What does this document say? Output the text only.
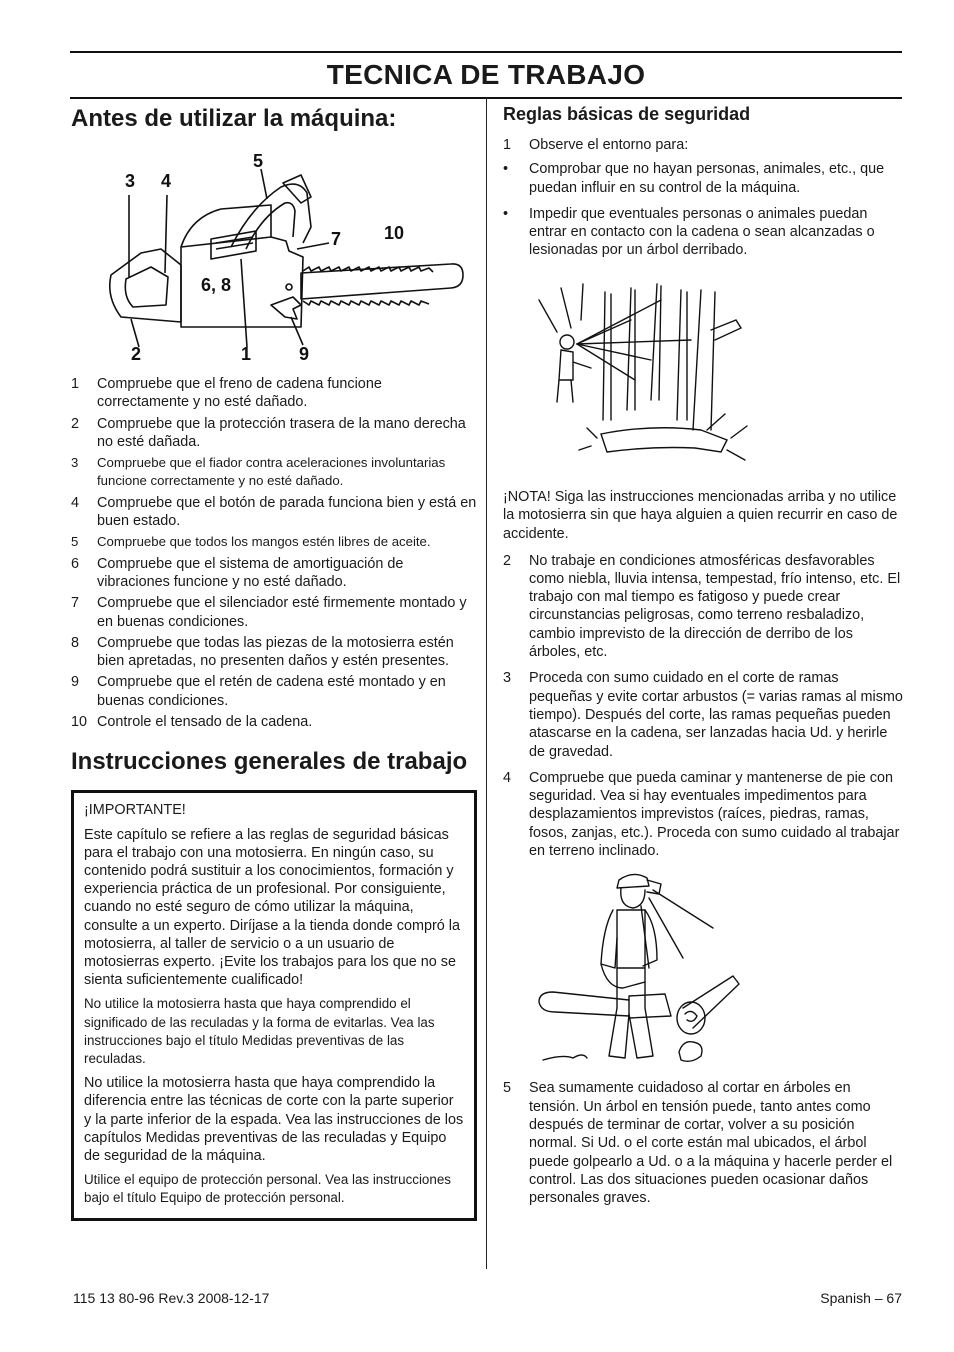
TECNICA DE TRABAJO
Antes de utilizar la máquina:
3 4
5
7 10
6, 8
2	1	9
1 Compruebe que el freno de cadena funcione correctamente y no esté dañado.
2 Compruebe que la protección trasera de la mano derecha no esté dañada.
3 Compruebe que el fiador contra aceleraciones involuntarias funcione correctamente y no esté dañado.
4 Compruebe que el botón de parada funciona bien y está en buen estado.
5 Compruebe que todos los mangos estén libres de aceite.
6 Compruebe que el sistema de amortiguación de vibraciones funcione y no esté dañado.
7 Compruebe que el silenciador esté firmemente montado y en buenas condiciones.
8 Compruebe que todas las piezas de la motosierra estén bien apretadas, no presenten daños y estén presentes.
9 Compruebe que el retén de cadena esté montado y en buenas condiciones.
10 Controle el tensado de la cadena.
Instrucciones generales de trabajo

¡IMPORTANTE!

Este capítulo se refiere a las reglas de seguridad básicas para el trabajo con una motosierra. En ningún caso, su contenido podrá sustituir a los conocimientos, formación y experiencia práctica de un profesional. Por consiguiente, cuando no esté seguro de cómo utilizar la máquina, consulte a un experto. Diríjase a la tienda donde compró la motosierra, al taller de servicio o a un usuario de motosierras experto. ¡Evite los trabajos para los que no se sienta suficientemente cualificado!

No utilice la motosierra hasta que haya comprendido el significado de las reculadas y la forma de evitarlas. Vea las instrucciones bajo el título Medidas preventivas de las reculadas.

No utilice la motosierra hasta que haya comprendido la diferencia entre las técnicas de corte con la parte superior y la parte inferior de la espada. Vea las instrucciones de los capítulos Medidas preventivas de las reculadas y Equipo de seguridad de la máquina.

Utilice el equipo de protección personal. Vea las instrucciones bajo el título Equipo de protección personal.

Reglas básicas de seguridad
1 Observe el entorno para:
• Comprobar que no hayan personas, animales, etc., que puedan influir en su control de la máquina.
• Impedir que eventuales personas o animales puedan entrar en contacto con la cadena o sean alcanzadas o lesionadas por un árbol derribado.

¡NOTA! Siga las instrucciones mencionadas arriba y no utilice la motosierra sin que haya alguien a quien recurrir en caso de accidente.

2 No trabaje en condiciones atmosféricas desfavorables como niebla, lluvia intensa, tempestad, frío intenso, etc. El trabajo con mal tiempo es fatigoso y puede crear circunstancias peligrosas, como terreno resbaladizo, cambio imprevisto de la dirección de derribo de los árboles, etc.
3 Proceda con sumo cuidado en el corte de ramas pequeñas y evite cortar arbustos (= varias ramas al mismo tiempo). Después del corte, las ramas pequeñas pueden atascarse en la cadena, ser lanzadas hacia Ud. y herirle de gravedad.
4 Compruebe que pueda caminar y mantenerse de pie con seguridad. Vea si hay eventuales impedimentos para desplazamientos imprevistos (raíces, piedras, ramas, fosos, zanjas, etc.). Proceda con sumo cuidado al trabajar en terreno inclinado.
5 Sea sumamente cuidadoso al cortar en árboles en tensión. Un árbol en tensión puede, tanto antes como después de terminar de cortar, volver a su posición normal. Si Ud. o el corte están mal ubicados, el árbol puede golpearlo a Ud. o a la máquina y hacerle perder el control. Las dos situaciones pueden ocasionar daños personales graves.
115 13 80-96 Rev.3 2008-12-17	Spanish – 67
